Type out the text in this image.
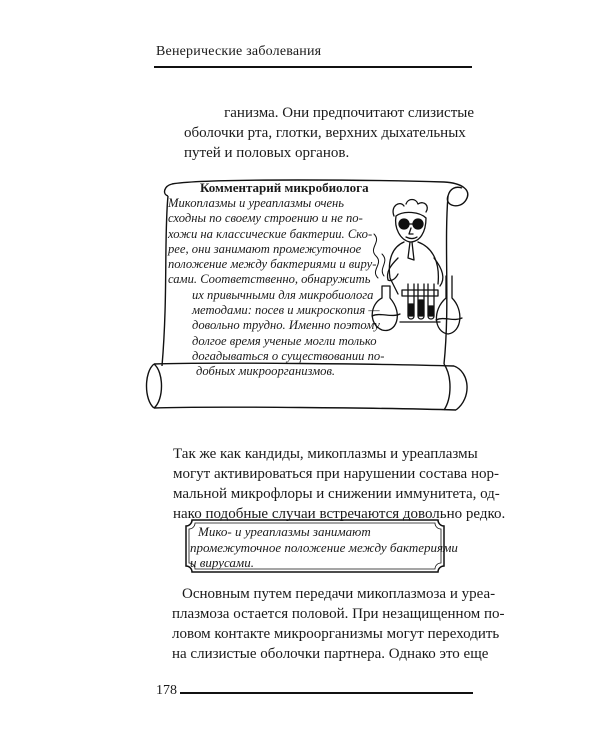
Венерические заболевания

ганизма. Они предпочитают слизистые

оболочки рта, глотки, верхних дыхательных

путей и половых органов.

Комментарий микробиолога

Микоплазмы и уреаплазмы очень

сходны по своему строению и не по-

хожи на классические бактерии. Ско-

рее, они занимают промежуточное

положение между бактериями и виру-

сами. Соответственно, обнаружить

их привычными для микробиолога

методами: посев и микроскопия —

довольно трудно. Именно поэтому

долгое время ученые могли только

догадываться о существовании по-

добных микроорганизмов.

Так же как кандиды, микоплазмы и уреаплазмы

могут активироваться при нарушении состава нор-

мальной микрофлоры и снижении иммунитета, од-

нако подобные случаи встречаются довольно редко.

Мико- и уреаплазмы занимают

промежуточное положение между бактериями

и вирусами.

Основным путем передачи микоплазмоза и уреа-

плазмоза остается половой. При незащищенном по-

ловом контакте микроорганизмы могут переходить

на слизистые оболочки партнера. Однако это еще

178
